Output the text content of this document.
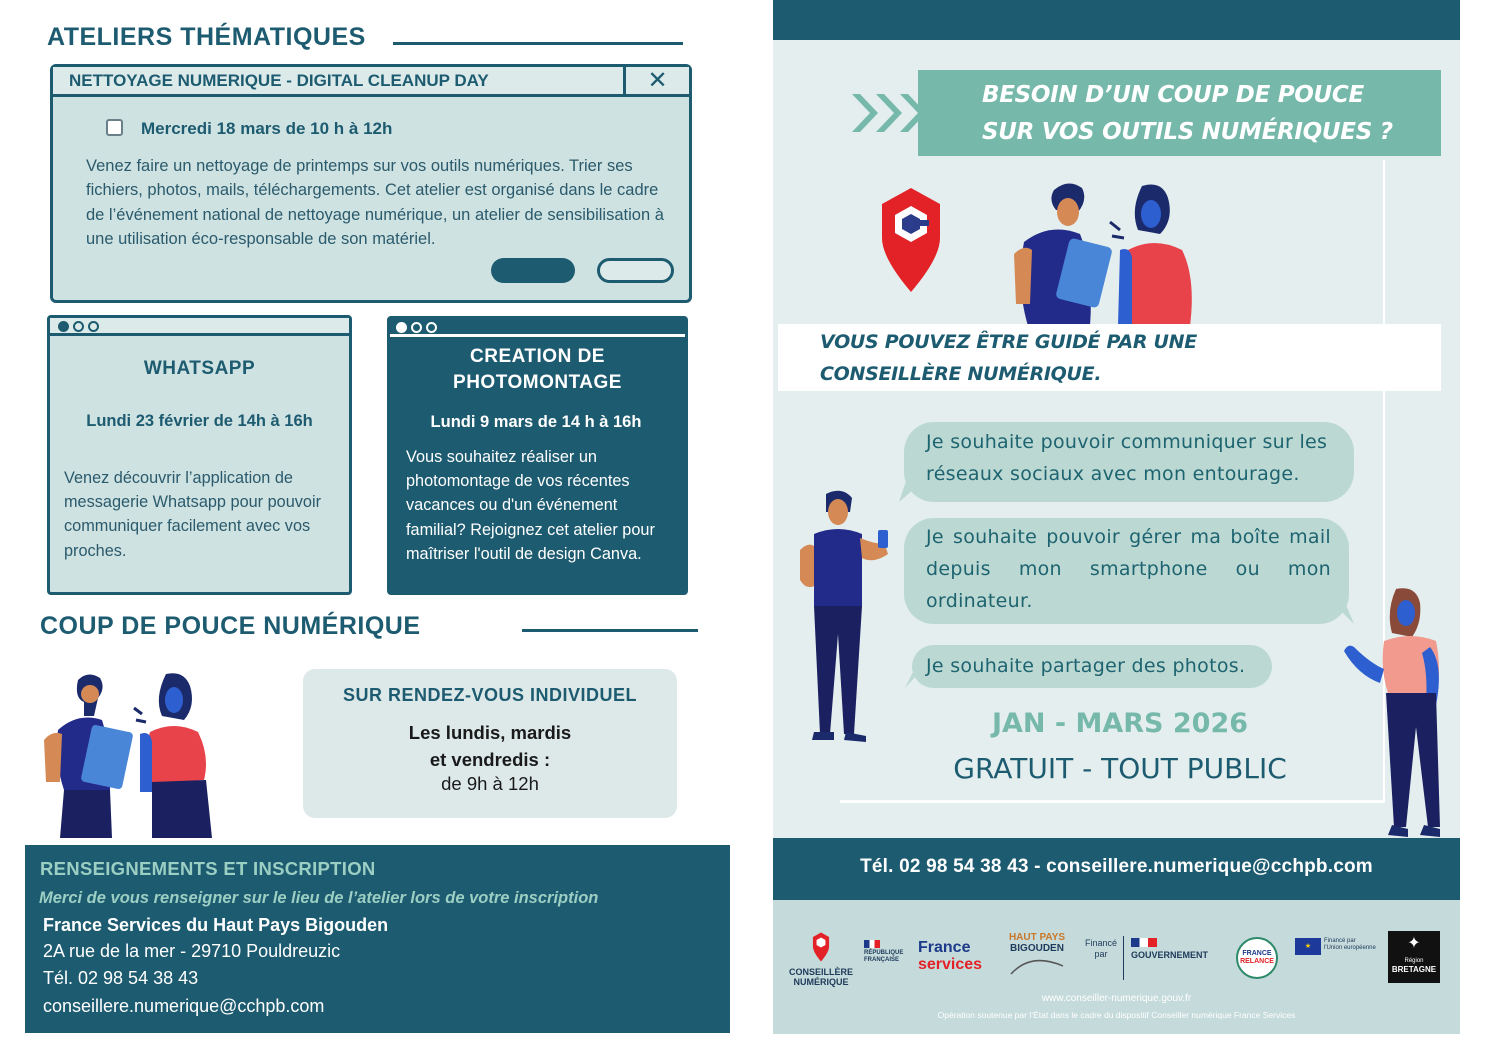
ATELIERS THÉMATIQUES
NETTOYAGE NUMERIQUE - DIGITAL CLEANUP DAY	✕
Mercredi 18 mars de 10 h à 12h
Venez faire un nettoyage de printemps sur vos outils numériques. Trier ses fichiers, photos, mails, téléchargements. Cet atelier est organisé dans le cadre de l’événement national de nettoyage numérique, un atelier de sensibilisation à une utilisation éco-responsable de son matériel.
WHATSAPP
Lundi 23 février de 14h à 16h
Venez découvrir l’application de messagerie Whatsapp pour pouvoir communiquer facilement avec vos proches.
CREATION DE
PHOTOMONTAGE
Lundi 9 mars de 14 h à 16h
Vous souhaitez réaliser un photomontage de vos récentes vacances ou d'un événement familial? Rejoignez cet atelier pour maîtriser l'outil de design Canva.
COUP DE POUCE NUMÉRIQUE
SUR RENDEZ-VOUS INDIVIDUEL
Les lundis, mardis
et vendredis :
de 9h à 12h
RENSEIGNEMENTS ET INSCRIPTION
Merci de vous renseigner sur le lieu de l’atelier lors de votre inscription
France Services du Haut Pays Bigouden
2A rue de la mer - 29710 Pouldreuzic
Tél. 02 98 54 38 43
conseillere.numerique@cchpb.com
BESOIN D’UN COUP DE POUCE
SUR VOS OUTILS NUMÉRIQUES ?
VOUS POUVEZ ÊTRE GUIDÉ PAR UNE
CONSEILLÈRE NUMÉRIQUE.
Je souhaite pouvoir communiquer sur les réseaux sociaux avec mon entourage.
Je souhaite pouvoir gérer ma boîte mail
depuis mon smartphone ou mon
ordinateur.
Je souhaite partager des photos.
JAN - MARS 2026
GRATUIT - TOUT PUBLIC
Tél. 02 98 54 38 43 - conseillere.numerique@cchpb.com
CONSEILLÈRE
NUMÉRIQUE
RÉPUBLIQUE
FRANÇAISE
France
services
HAUT PAYS
BIGOUDEN	Financé
par	GOUVERNEMENT	FRANCE
RELANCE
★
Financé par
l'Union européenne	✦
Région
BRETAGNE
www.conseiller-numerique.gouv.fr
Opération soutenue par l’État dans le cadre du dispositif Conseiller numérique France Services
